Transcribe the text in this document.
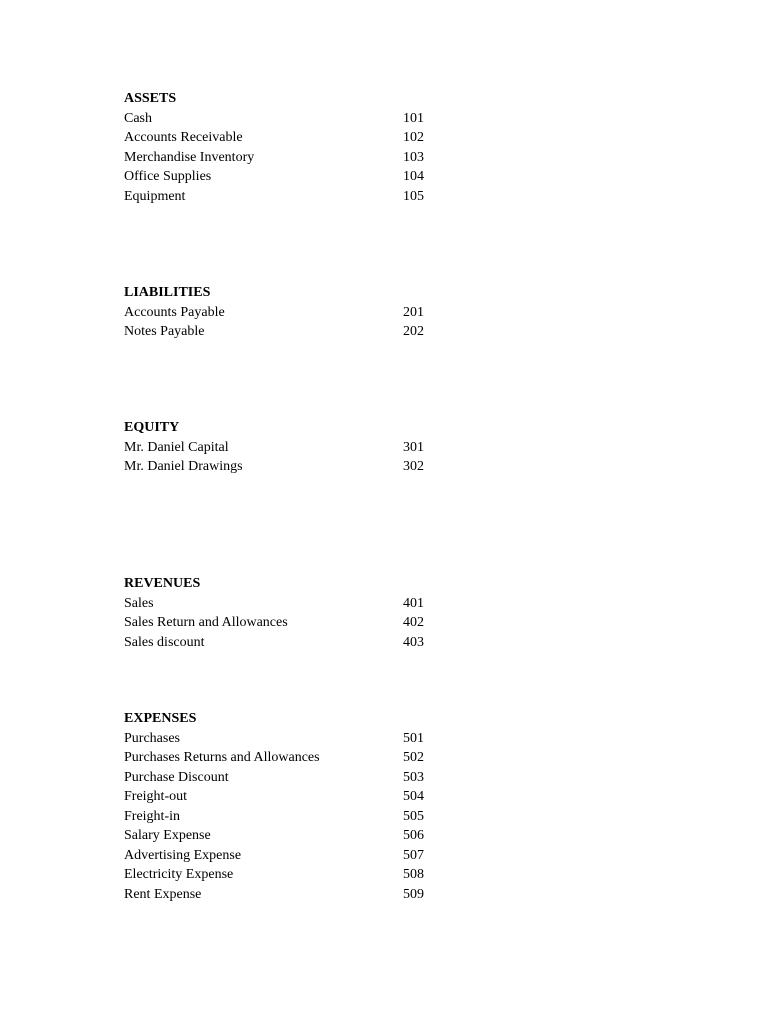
ASSETS
Cash	101
Accounts Receivable	102
Merchandise Inventory	103
Office Supplies	104
Equipment	105
LIABILITIES
Accounts Payable	201
Notes Payable	202
EQUITY
Mr. Daniel Capital	301
Mr. Daniel Drawings	302
REVENUES
Sales	401
Sales Return and Allowances	402
Sales discount	403
EXPENSES
Purchases	501
Purchases Returns and Allowances	502
Purchase Discount	503
Freight-out	504
Freight-in	505
Salary Expense	506
Advertising Expense	507
Electricity Expense	508
Rent Expense	509
